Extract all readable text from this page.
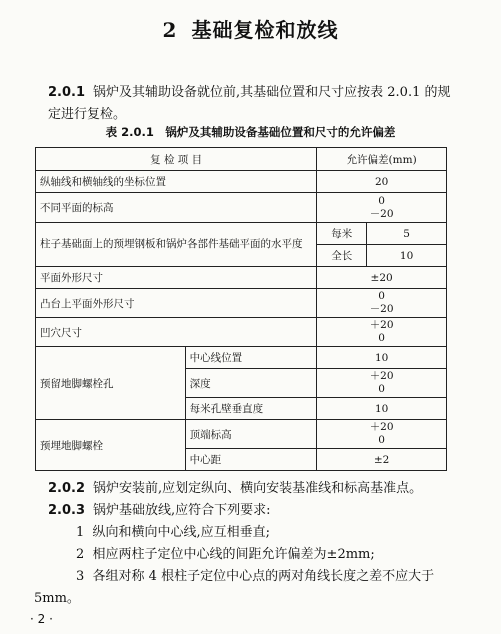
2 基础复检和放线
2.0.1 锅炉及其辅助设备就位前,其基础位置和尺寸应按表 2.0.1 的规定进行复检。
表 2.0.1　锅炉及其辅助设备基础位置和尺寸的允许偏差
复 检 项 目		允许偏差(mm)	
纵轴线和横轴线的坐标位置		20	
不同平面的标高		0
－20	

柱子基础面上的预埋钢板和锅炉各部件基础平面的水平度		每米	5
		全长	10
平面外形尺寸		±20	
凸台上平面外形尺寸		0
－20	

凹穴尺寸		＋20
0	

预留地脚螺栓孔	中心线位置	10	
	深度	＋20
0	

	每米孔壁垂直度	10	
预埋地脚螺栓	顶端标高	＋20
0	

	中心距	±2	
2.0.2 锅炉安装前,应划定纵向、横向安装基准线和标高基准点。
2.0.3 锅炉基础放线,应符合下列要求:
1 纵向和横向中心线,应互相垂直;
2 相应两柱子定位中心线的间距允许偏差为±2mm;
3 各组对称 4 根柱子定位中心点的两对角线长度之差不应大于 5mm。
· 2 ·
